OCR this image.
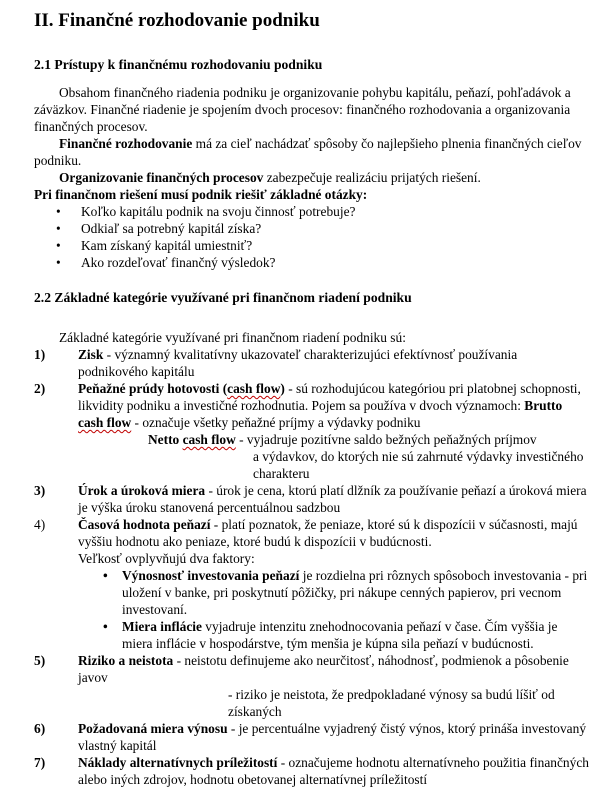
II. Finančné rozhodovanie podniku
2.1 Prístupy k finančnému rozhodovaniu podniku

Obsahom finančného riadenia podniku je organizovanie pohybu kapitálu, peňazí, pohľadávok a záväzkov. Finančné riadenie je spojením dvoch procesov: finančného rozhodovania a organizovania finančných procesov.

Finančné rozhodovanie má za cieľ nachádzať spôsoby čo najlepšieho plnenia finančných cieľov podniku.

Organizovanie finančných procesov zabezpečuje realizáciu prijatých riešení.

Pri finančnom riešení musí podnik riešiť základné otázky:

• Koľko kapitálu podnik na svoju činnosť potrebuje?
• Odkiaľ sa potrebný kapitál získa?
• Kam získaný kapitál umiestniť?
• Ako rozdeľovať finančný výsledok?
2.2 Základné kategórie využívané pri finančnom riadení podniku

Základné kategórie využívané pri finančnom riadení podniku sú:

1) Zisk - významný kvalitatívny ukazovateľ charakterizujúci efektívnosť používania podnikového kapitálu
2) Peňažné prúdy hotovosti (cash flow) - sú rozhodujúcou kategóriou pri platobnej schopnosti, likvidity podniku a investičné rozhodnutia. Pojem sa používa v dvoch významoch: Brutto cash flow - označuje všetky peňažné príjmy a výdavky podniku
Netto cash flow - vyjadruje pozitívne saldo bežných peňažných príjmov
a výdavkov, do ktorých nie sú zahrnuté výdavky investičného charakteru
3) Úrok a úroková miera - úrok je cena, ktorú platí dlžník za používanie peňazí a úroková miera je výška úroku stanovená percentuálnou sadzbou
4) Časová hodnota peňazí - platí poznatok, že peniaze, ktoré sú k dispozícii v súčasnosti, majú vyššiu hodnotu ako peniaze, ktoré budú k dispozícii v budúcnosti.
Veľkosť ovplyvňujú dva faktory:
• Výnosnosť investovania peňazí je rozdielna pri rôznych spôsoboch investovania - pri uložení v banke, pri poskytnutí pôžičky, pri nákupe cenných papierov, pri vecnom investovaní.
• Miera inflácie vyjadruje intenzitu znehodnocovania peňazí v čase. Čím vyššia je miera inflácie v hospodárstve, tým menšia je kúpna sila peňazí v budúcnosti.
5) Riziko a neistota - neistotu definujeme ako neurčitosť, náhodnosť, podmienok a pôsobenie javov
- riziko je neistota, že predpokladané výnosy sa budú líšiť od získaných
6) Požadovaná miera výnosu - je percentuálne vyjadrený čistý výnos, ktorý prináša investovaný vlastný kapitál
7) Náklady alternatívnych príležitostí - označujeme hodnotu alternatívneho použitia finančných alebo iných zdrojov, hodnotu obetovanej alternatívnej príležitostí
